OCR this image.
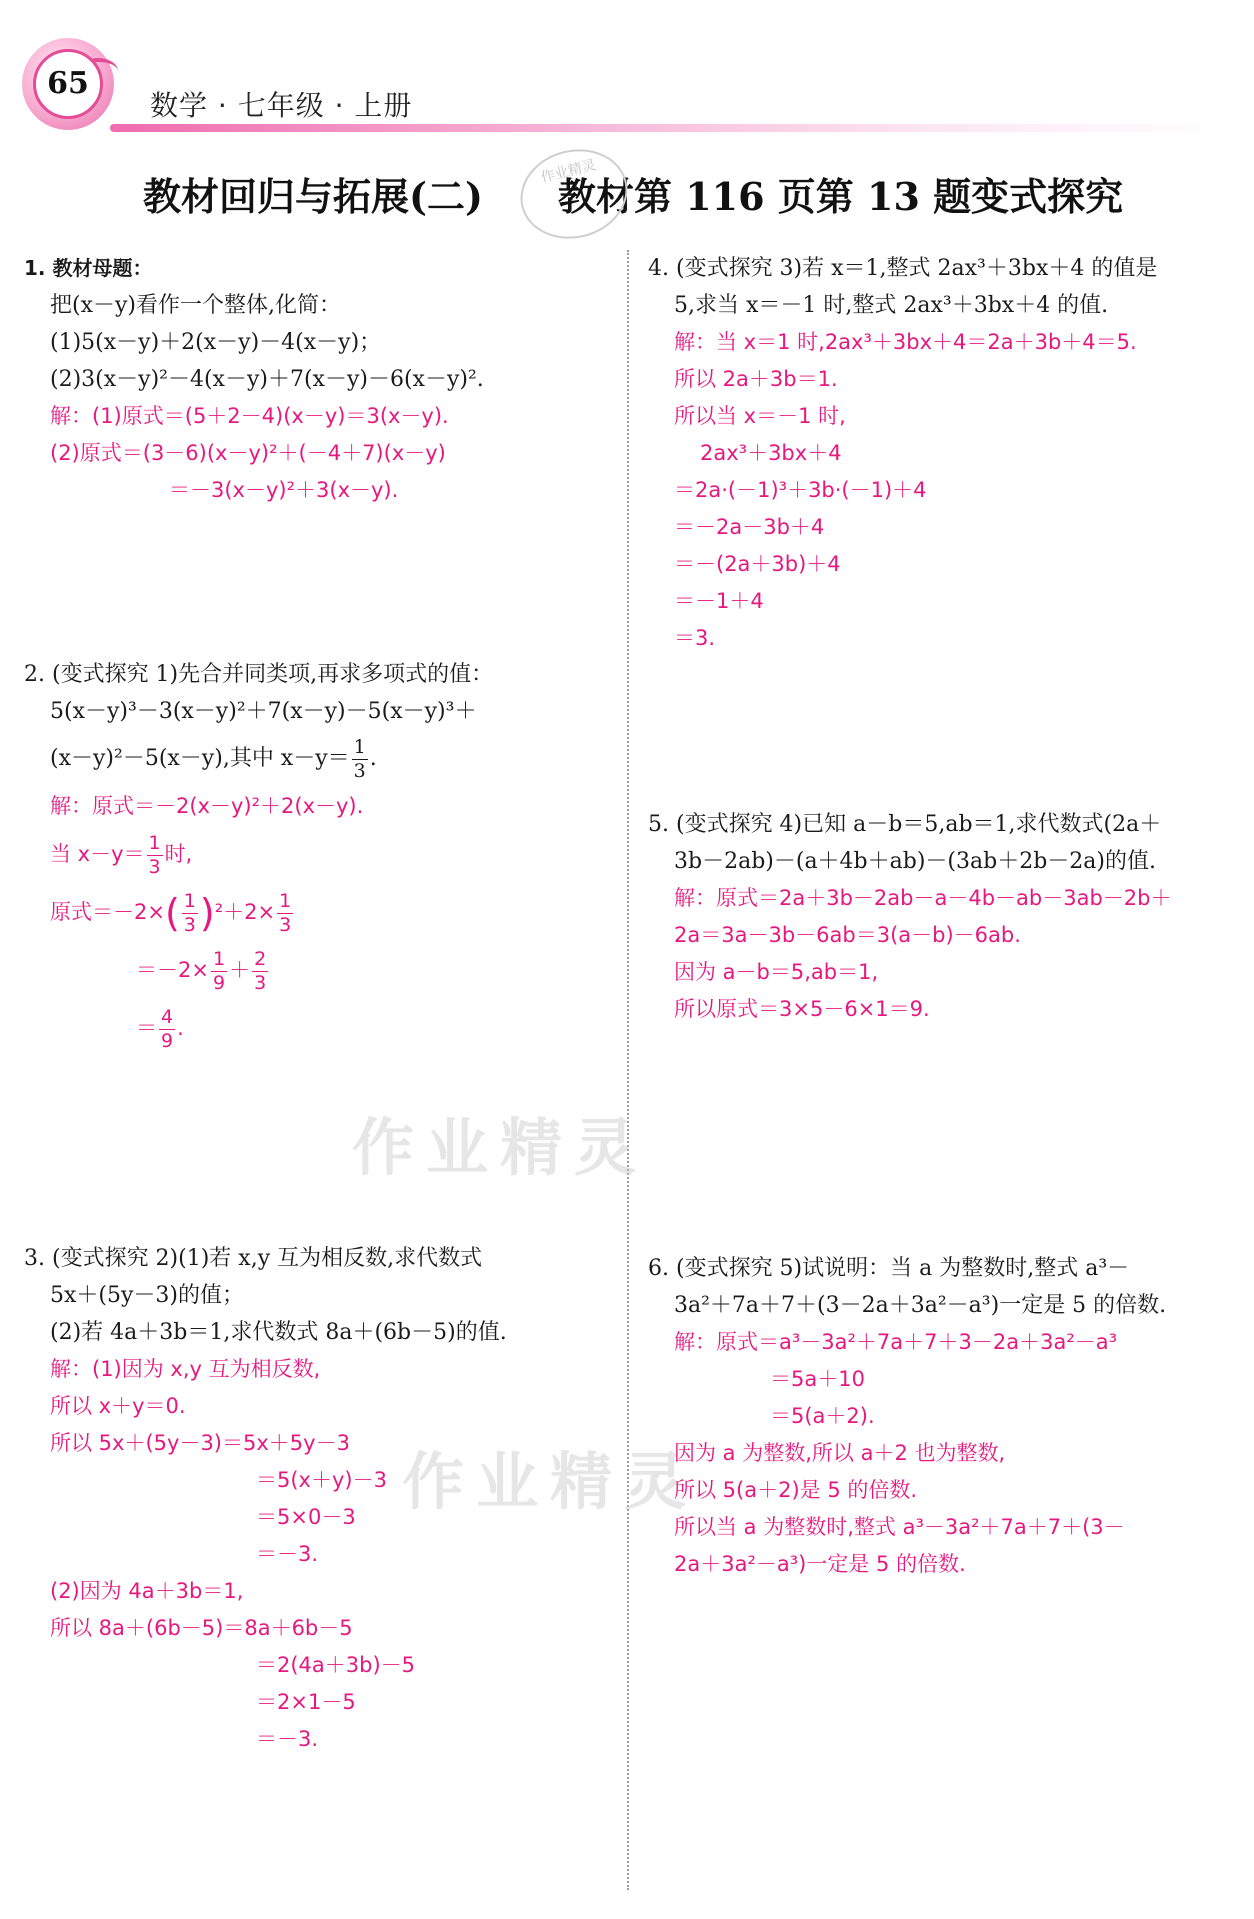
65
数学 · 七年级 · 上册
教材回归与拓展(二) 教材第 116 页第 13 题变式探究
作业精灵
1. 教材母题：
把(x－y)看作一个整体,化简：
(1)5(x－y)＋2(x－y)－4(x－y)；
(2)3(x－y)²－4(x－y)＋7(x－y)－6(x－y)².
解：(1)原式＝(5＋2－4)(x－y)＝3(x－y).
(2)原式＝(3－6)(x－y)²＋(－4＋7)(x－y)
＝－3(x－y)²＋3(x－y).
2. (变式探究 1)先合并同类项,再求多项式的值：
5(x－y)³－3(x－y)²＋7(x－y)－5(x－y)³＋
(x－y)²－5(x－y),其中 $x-y= \frac{1}{3}$ .
解：原式＝－2(x－y)²＋2(x－y).
当 $x-y= \frac{1}{3}$ 时,
原式$=-2\times( \frac{1}{3} )^2+2\times \frac{1}{3}$
$=-2\times \frac{1}{9} + \frac{2}{3}$
＝ $\frac{4}{9}$ .
作业精灵
3. (变式探究 2)(1)若 x,y 互为相反数,求代数式
5x＋(5y－3)的值；
(2)若 4a＋3b＝1,求代数式 8a＋(6b－5)的值.
解：(1)因为 x,y 互为相反数,
所以 x＋y＝0.
所以 5x＋(5y－3)＝5x＋5y－3
＝5(x＋y)－3
＝5×0－3
＝－3.
(2)因为 4a＋3b＝1,
所以 8a＋(6b－5)＝8a＋6b－5
＝2(4a＋3b)－5
＝2×1－5
＝－3.
作业精灵
4. (变式探究 3)若 x＝1,整式 2ax³＋3bx＋4 的值是
5,求当 x＝－1 时,整式 2ax³＋3bx＋4 的值.
解：当 x＝1 时,2ax³＋3bx＋4＝2a＋3b＋4＝5.
所以 2a＋3b＝1.
所以当 x＝－1 时,
2ax³＋3bx＋4
＝2a·(－1)³＋3b·(－1)＋4
＝－2a－3b＋4
＝－(2a＋3b)＋4
＝－1＋4
＝3.
5. (变式探究 4)已知 a－b＝5,ab＝1,求代数式(2a＋
3b－2ab)－(a＋4b＋ab)－(3ab＋2b－2a)的值.
解：原式＝2a＋3b－2ab－a－4b－ab－3ab－2b＋
2a＝3a－3b－6ab＝3(a－b)－6ab.
因为 a－b＝5,ab＝1,
所以原式＝3×5－6×1＝9.
6. (变式探究 5)试说明：当 a 为整数时,整式 a³－
3a²＋7a＋7＋(3－2a＋3a²－a³)一定是 5 的倍数.
解：原式＝a³－3a²＋7a＋7＋3－2a＋3a²－a³
＝5a＋10
＝5(a＋2).
因为 a 为整数,所以 a＋2 也为整数,
所以 5(a＋2)是 5 的倍数.
所以当 a 为整数时,整式 a³－3a²＋7a＋7＋(3－
2a＋3a²－a³)一定是 5 的倍数.
